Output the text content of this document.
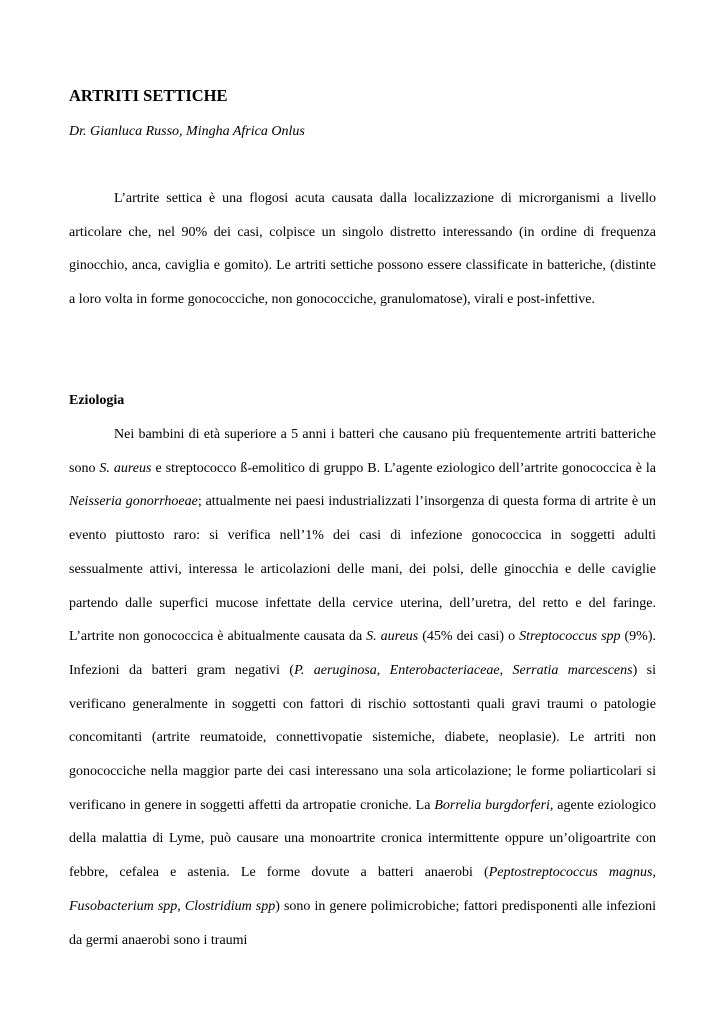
ARTRITI SETTICHE

Dr. Gianluca Russo, Mingha Africa Onlus

L’artrite settica è una flogosi acuta causata dalla localizzazione di microrganismi a livello articolare che, nel 90% dei casi, colpisce un singolo distretto interessando (in ordine di frequenza ginocchio, anca, caviglia e gomito). Le artriti settiche possono essere classificate in batteriche, (distinte a loro volta in forme gonococciche, non gonococciche, granulomatose), virali e post-infettive.

Eziologia

Nei bambini di età superiore a 5 anni i batteri che causano più frequentemente artriti batteriche sono S. aureus e streptococco ß-emolitico di gruppo B. L’agente eziologico dell’artrite gonococcica è la Neisseria gonorrhoeae; attualmente nei paesi industrializzati l’insorgenza di questa forma di artrite è un evento piuttosto raro: si verifica nell’1% dei casi di infezione gonococcica in soggetti adulti sessualmente attivi, interessa le articolazioni delle mani, dei polsi, delle ginocchia e delle caviglie partendo dalle superfici mucose infettate della cervice uterina, dell’uretra, del retto e del faringe. L’artrite non gonococcica è abitualmente causata da S. aureus (45% dei casi) o Streptococcus spp (9%). Infezioni da batteri gram negativi (P. aeruginosa, Enterobacteriaceae, Serratia marcescens) si verificano generalmente in soggetti con fattori di rischio sottostanti quali gravi traumi o patologie concomitanti (artrite reumatoide, connettivopatie sistemiche, diabete, neoplasie). Le artriti non gonococciche nella maggior parte dei casi interessano una sola articolazione; le forme poliarticolari si verificano in genere in soggetti affetti da artropatie croniche. La Borrelia burgdorferi, agente eziologico della malattia di Lyme, può causare una monoartrite cronica intermittente oppure un’oligoartrite con febbre, cefalea e astenia. Le forme dovute a batteri anaerobi (Peptostreptococcus magnus, Fusobacterium spp, Clostridium spp) sono in genere polimicrobiche; fattori predisponenti alle infezioni da germi anaerobi sono i traumi
